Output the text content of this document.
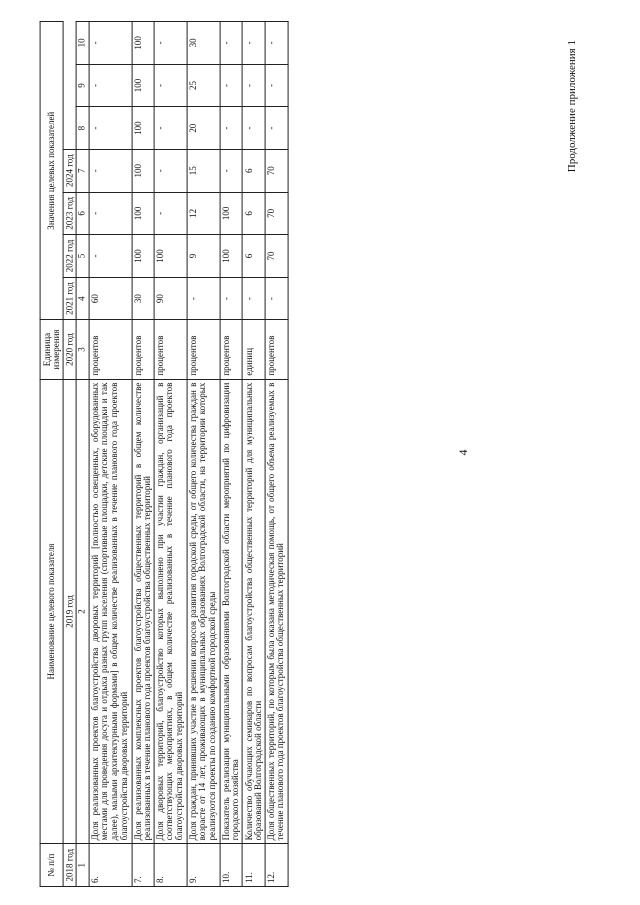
4
Продолжение приложения 1
12.	Доля общественных территорий, по которым была оказана методическая помощь, от общего объема реализуемых в течение планового года проектов благоустройства общественных территорий	процентов	-	70	70	70	-	-	-
11.	Количество обучающих семинаров по вопросам благоустройства общественных территорий для муниципальных образований Волгоградской области	единиц	-	6	6	6	-	-	-
10.	Показатель реализации муниципальными образованиями Волгоградской области мероприятий по цифровизации городского хозяйства	процентов	-	100	100	-	-	-	-
9.	Доля граждан, принявших участие в решении вопросов развития городской среды, от общего количества граждан в возрасте от 14 лет, проживающих в муниципальных образованиях Волгоградской области, на территории которых реализуются проекты по созданию комфортной городской среды	процентов	-	9	12	15	20	25	30
8.	Доля дворовых территорий, благоустройство которых выполнено при участии граждан, организаций в соответствующих мероприятиях, в общем количестве реализованных в течение планового года проектов благоустройства дворовых территорий	процентов	90	100	-	-	-	-	-
7.	Доля реализованных комплексных проектов благоустройства общественных территорий в общем количестве реализованных в течение планового года проектов благоустройства общественных территорий	процентов	30	100	100	100	100	100	100
6.	Доля реализованных проектов благоустройства дворовых территорий [полностью освещенных, оборудованных местами для проведения досуга и отдыха разных групп населения (спортивные площадки, детские площадки и так далее), малыми архитектурными формами] в общем количестве реализованных в течение планового года проектов благоустройства дворовых территорий	процентов	60	-	-	-	-	-	-
1	2	3	4	5	6	7	8	9	10
2018 год	2019 год	2020 год	2021 год	2022 год	2023 год	2024 год			
№ п/п	Наименование целевого показателя	Единица измерения	Значения целевых показателей						
